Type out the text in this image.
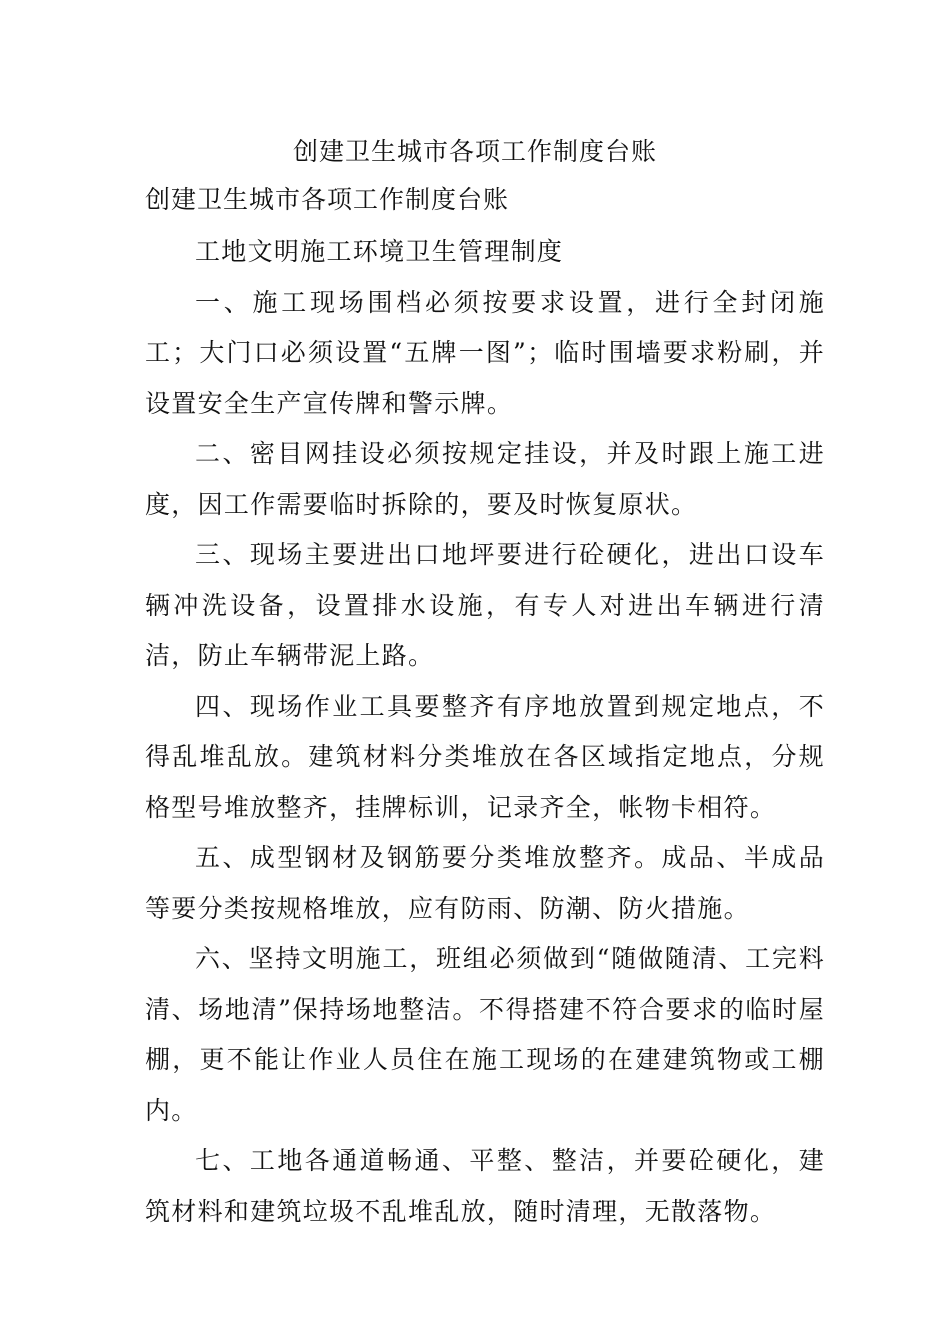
创建卫生城市各项工作制度台账

创建卫生城市各项工作制度台账

工地文明施工环境卫生管理制度

一、施工现场围档必须按要求设置，进行全封闭施工；大门口必须设置“五牌一图”；临时围墙要求粉刷，并设置安全生产宣传牌和警示牌。

二、密目网挂设必须按规定挂设，并及时跟上施工进度，因工作需要临时拆除的，要及时恢复原状。

三、现场主要进出口地坪要进行砼硬化，进出口设车辆冲洗设备，设置排水设施，有专人对进出车辆进行清洁，防止车辆带泥上路。

四、现场作业工具要整齐有序地放置到规定地点，不得乱堆乱放。建筑材料分类堆放在各区域指定地点，分规格型号堆放整齐，挂牌标训，记录齐全，帐物卡相符。

五、成型钢材及钢筋要分类堆放整齐。成品、半成品等要分类按规格堆放，应有防雨、防潮、防火措施。

六、坚持文明施工，班组必须做到“随做随清、工完料清、场地清”保持场地整洁。不得搭建不符合要求的临时屋棚，更不能让作业人员住在施工现场的在建建筑物或工棚内。

七、工地各通道畅通、平整、整洁，并要砼硬化，建筑材料和建筑垃圾不乱堆乱放，随时清理，无散落物。
